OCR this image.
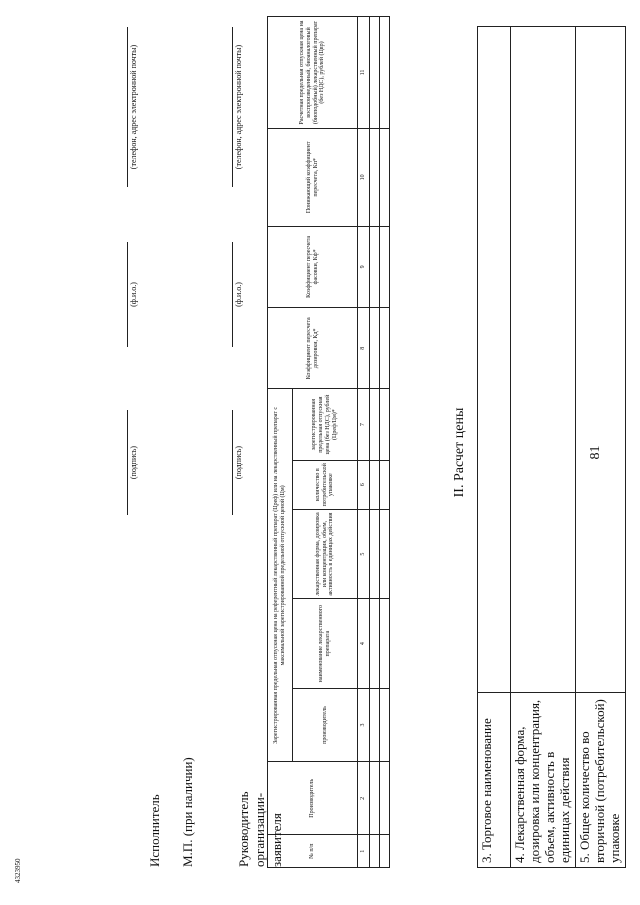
81
3. Торговое наименование	
4. Лекарственная форма, дозировка или концентрация, объем, активность в единицах действия	
5. Общее количество во вторичной (потребительской) упаковке	
II. Расчет цены
№ п/п	Производитель	Зарегистрированная предельная отпускная цена на референтный лекарственный препарат (Цреф) или на лекарственный препарат с максимальной зарегистрированной предельной отпускной ценой (Цм)					Коэффициент пересчета дозировки, Кд*	Коэффициент пересчета фасовки, Кф*	Понижающий коэффициент пересчета, Кп*	Расчетная предельная отпускная цена на воспроизведенный, биоаналоговый (биоподобный) лекарственный препарат (без НДС), рублей (Цвр)
		производитель	наименование лекарственного препарата	лекарственная форма, дозировка или концентрация, объем, активность в единицах действия	количество в потребительской упаковке	зарегистрированная предельная отпускная цена (без НДС), рублей (Цреф/Цм)*				
1	2	3	4	5	6	7	8	9	10	11

Руководитель организации-заявителя
(подпись)
(ф.и.о.)
(телефон, адрес электронной почты)
М.П. (при наличии)
Исполнитель
(подпись)
(ф.и.о.)
(телефон, адрес электронной почты)
4323950
